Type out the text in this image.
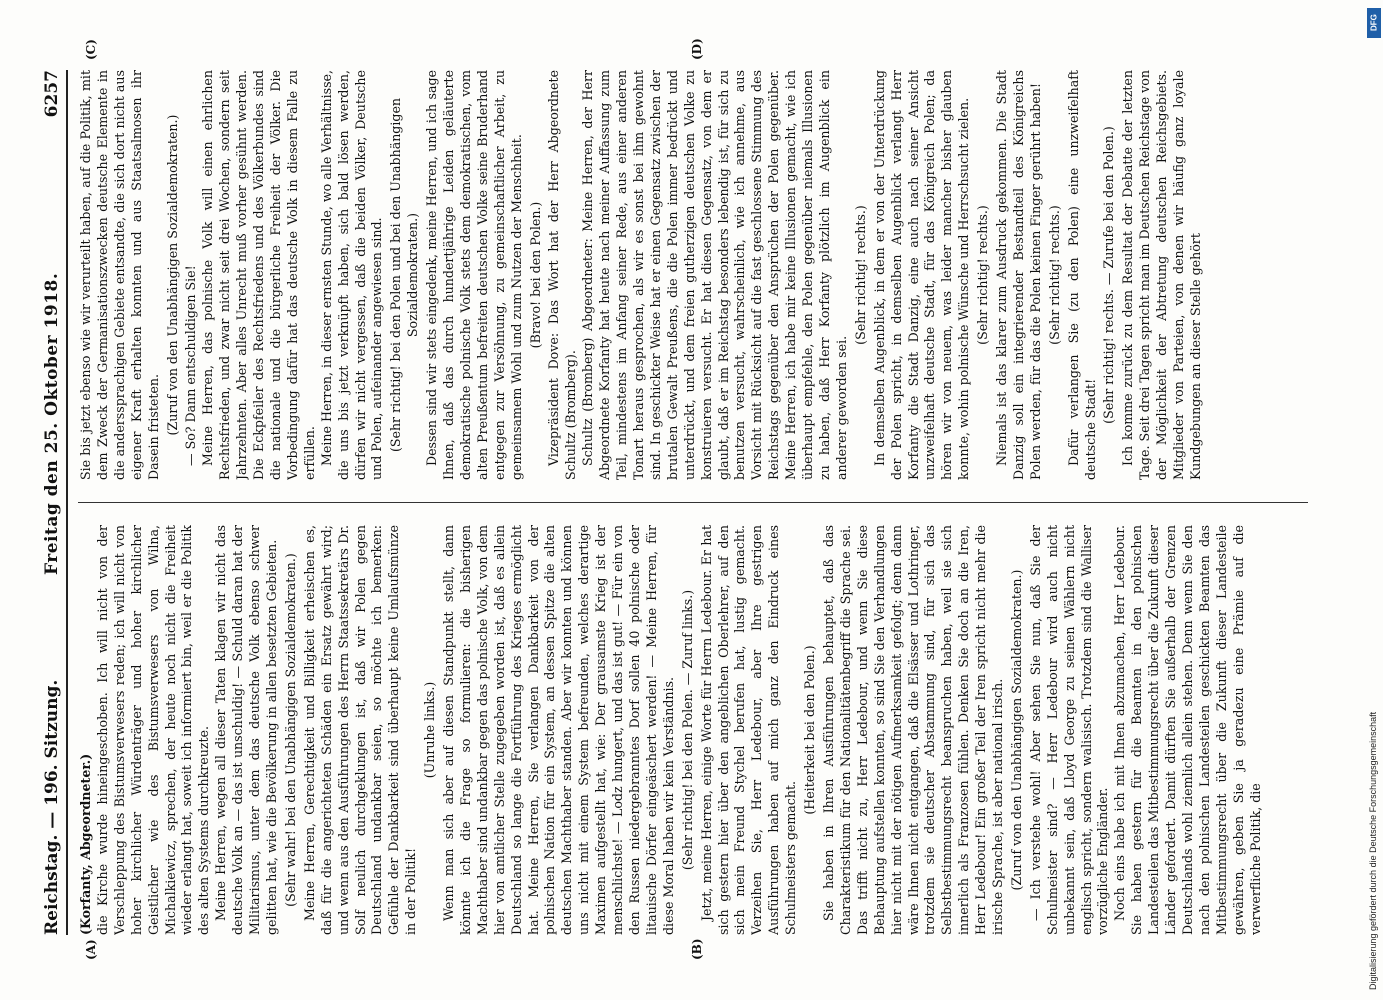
Reichstag. — 196. Sitzung.
Freitag den 25. Oktober 1918.
6257
(A)	(B)
(C)	(D)

(Korfanty, Abgeordneter.) die Kirche wurde hineingeschoben. Ich will nicht von der Verschleppung des Bistumsverwesers reden; ich will nicht von hoher kirchlicher Würdenträger und hoher kirchlicher Geistlicher wie des Bistumsverwesers von Wilna, Michalkiewicz, sprechen, der heute noch nicht die Freiheit wieder erlangt hat, soweit ich informiert bin, weil er die Politik des alten Systems durchkreuzte. Meine Herren, wegen all dieser Taten klagen wir nicht das deutsche Volk an — das ist unschuldig! — Schuld daran hat der Militarismus, unter dem das deutsche Volk ebenso schwer gelitten hat, wie die Bevölkerung in allen besetzten Gebieten. (Sehr wahr! bei den Unabhängigen Sozialdemokraten.) Meine Herren, Gerechtigkeit und Billigkeit erheischen es, daß für die angerichteten Schäden ein Ersatz gewährt wird; und wenn aus den Ausführungen des Herrn Staatssekretärs Dr. Solf neulich durchgeklungen ist, daß wir Polen gegen Deutschland undankbar seien, so möchte ich bemerken: Gefühle der Dankbarkeit sind überhaupt keine Umlaufsmünze in der Politik!

(Unruhe links.) Wenn man sich aber auf diesen Standpunkt stellt, dann könnte ich die Frage so formulieren: die bisherigen Machthaber sind undankbar gegen das polnische Volk, von dem hier von amtlicher Stelle zugegeben worden ist, daß es allein Deutschland so lange die Fortführung des Krieges ermöglicht hat. Meine Herren, Sie verlangen Dankbarkeit von der polnischen Nation für ein System, an dessen Spitze die alten deutschen Machthaber standen. Aber wir konnten und können uns nicht mit einem System befreunden, welches derartige Maximen aufgestellt hat, wie: Der grausamste Krieg ist der menschlichste! — Lodz hungert, und das ist gut! — Für ein von den Russen niedergebranntes Dorf sollen 40 polnische oder litauische Dörfer eingeäschert werden! — Meine Herren, für diese Moral haben wir kein Verständnis. (Sehr richtig! bei den Polen. — Zuruf links.) Jetzt, meine Herren, einige Worte für Herrn Ledebour. Er hat sich gestern hier über den angeblichen Oberlehrer, auf den sich mein Freund Stychel berufen hat, lustig gemacht. Verzeihen Sie, Herr Ledebour, aber Ihre gestrigen Ausführungen haben auf mich ganz den Eindruck eines Schulmeisters gemacht.

(Heiterkeit bei den Polen.) Sie haben in Ihren Ausführungen behauptet, daß das Charakteristikum für den Nationalitätenbegriff die Sprache sei. Das trifft nicht zu, Herr Ledebour, und wenn Sie diese Behauptung aufstellen konnten, so sind Sie den Verhandlungen hier nicht mit der nötigen Aufmerksamkeit gefolgt; denn dann wäre Ihnen nicht entgangen, daß die Elsässer und Lothringer, trotzdem sie deutscher Abstammung sind, für sich das Selbstbestimmungsrecht beanspruchen haben, weil sie sich innerlich als Franzosen fühlen. Denken Sie doch an die Iren, Herr Ledebour! Ein großer Teil der Iren spricht nicht mehr die irische Sprache, ist aber national irisch. (Zuruf von den Unabhängigen Sozialdemokraten.) — Ich verstehe wohl! Aber sehen Sie nun, daß Sie der Schulmeister sind? — Herr Ledebour wird auch nicht unbekannt sein, daß Lloyd George zu seinen Wählern nicht englisch spricht, sondern walisisch. Trotzdem sind die Walliser vorzügliche Engländer. Noch eins habe ich mit Ihnen abzumachen, Herr Ledebour. Sie haben gestern für die Beamten in den polnischen Landesteilen das Mitbestimmungsrecht über die Zukunft dieser Länder gefordert. Damit dürften Sie außerhalb der Grenzen Deutschlands wohl ziemlich allein stehen. Denn wenn Sie den nach den polnischen Landesteilen geschickten Beamten das Mitbestimmungsrecht über die Zukunft dieser Landesteile gewähren, geben Sie ja geradezu eine Prämie auf die verwerfliche Politik, die

Sie bis jetzt ebenso wie wir verurteilt haben, auf die Politik, mit dem Zweck der Germanisationszwecken deutsche Elemente in die anderssprachigen Gebiete entsandte, die sich dort nicht aus eigener Kraft erhalten konnten und aus Staatsalmosen ihr Dasein fristeten. (Zuruf von den Unabhängigen Sozialdemokraten.) — So? Dann entschuldigen Sie! Meine Herren, das polnische Volk will einen ehrlichen Rechtsfrieden, und zwar nicht seit drei Wochen, sondern seit Jahrzehnten. Aber alles Unrecht muß vorher gesühnt werden. Die Eckpfeiler des Rechtsfriedens und des Völkerbundes sind die nationale und die bürgerliche Freiheit der Völker. Die Vorbedingung dafür hat das deutsche Volk in diesem Falle zu erfüllen. Meine Herren, in dieser ernsten Stunde, wo alle Verhältnisse, die uns bis jetzt verknüpft haben, sich bald lösen werden, dürfen wir nicht vergessen, daß die beiden Völker, Deutsche und Polen, aufeinander angewiesen sind. (Sehr richtig! bei den Polen und bei den Unabhängigen Sozialdemokraten.) Dessen sind wir stets eingedenk, meine Herren, und ich sage Ihnen, daß das durch hundertjährige Leiden geläuterte demokratische polnische Volk stets dem demokratischen, vom alten Preußentum befreiten deutschen Volke seine Bruderhand entgegen zur Versöhnung, zu gemeinschaftlicher Arbeit, zu gemeinsamem Wohl und zum Nutzen der Menschheit. (Bravo! bei den Polen.) Vizepräsident Dove: Das Wort hat der Herr Abgeordnete Schultz (Bromberg). Schultz (Bromberg) Abgeordneter: Meine Herren, der Herr Abgeordnete Korfanty hat heute nach meiner Auffassung zum Teil, mindestens im Anfang seiner Rede, aus einer anderen Tonart heraus gesprochen, als wir es sonst bei ihm gewohnt sind. In geschickter Weise hat er einen Gegensatz zwischen der brutalen Gewalt Preußens, die die Polen immer bedrückt und unterdrückt, und dem freien gutherzigen deutschen Volke zu konstruieren versucht. Er hat diesen Gegensatz, von dem er glaubt, daß er im Reichstag besonders lebendig ist, für sich zu benutzen versucht, wahrscheinlich, wie ich annehme, aus Vorsicht mit Rücksicht auf die fast geschlossene Stimmung des Reichstags gegenüber den Ansprüchen der Polen gegenüber. Meine Herren, ich habe mir keine Illusionen gemacht, wie ich überhaupt empfehle, den Polen gegenüber niemals Illusionen zu haben, daß Herr Korfanty plötzlich im Augenblick ein anderer geworden sei.

(Sehr richtig! rechts.) In demselben Augenblick, in dem er von der Unterdrückung der Polen spricht, in demselben Augenblick verlangt Herr Korfanty die Stadt Danzig, eine auch nach seiner Ansicht unzweifelhaft deutsche Stadt, für das Königreich Polen; da hören wir von neuem, was leider mancher bisher glauben konnte, wohin polnische Wünsche und Herrschsucht zielen. (Sehr richtig! rechts.) Niemals ist das klarer zum Ausdruck gekommen. Die Stadt Danzig soll ein integrierender Bestandteil des Königreichs Polen werden, für das die Polen keinen Finger gerührt haben! (Sehr richtig! rechts.) Dafür verlangen Sie (zu den Polen) eine unzweifelhaft deutsche Stadt!

(Sehr richtig! rechts. — Zurufe bei den Polen.) Ich komme zurück zu dem Resultat der Debatte der letzten Tage. Seit drei Tagen spricht man im Deutschen Reichstage von der Möglichkeit der Abtretung deutschen Reichsgebiets. Mitglieder von Parteien, von denen wir häufig ganz loyale Kundgebungen an dieser Stelle gehört

DFG
Digitalisierung gefördert durch die Deutsche Forschungsgemeinschaft
